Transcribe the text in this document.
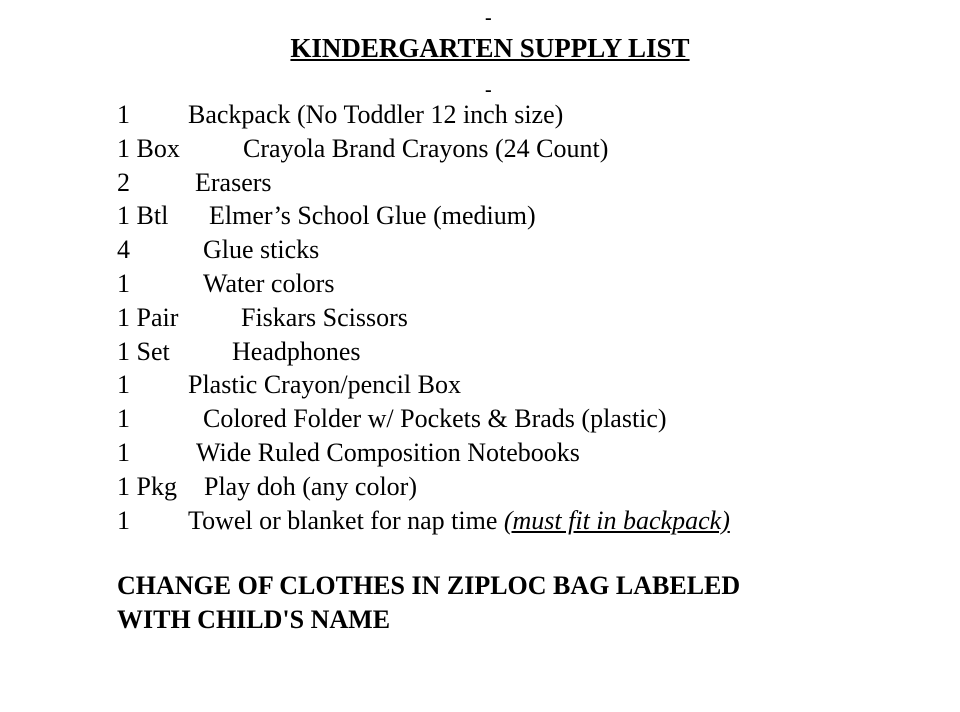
-
KINDERGARTEN SUPPLY LIST
-
1 Backpack (No Toddler 12 inch size)
1 Box Crayola Brand Crayons (24 Count)
2	Erasers
1 Btl Elmer’s School Glue (medium)
4	Glue sticks
1	Water colors
1 Pair Fiskars Scissors
1 Set Headphones
1 Plastic Crayon/pencil Box
1	Colored Folder w/ Pockets & Brads (plastic)
1	Wide Ruled Composition Notebooks
1 Pkg Play doh (any color)
1 Towel or blanket for nap time (must fit in backpack)

CHANGE OF CLOTHES IN ZIPLOC BAG LABELED
WITH CHILD'S NAME
